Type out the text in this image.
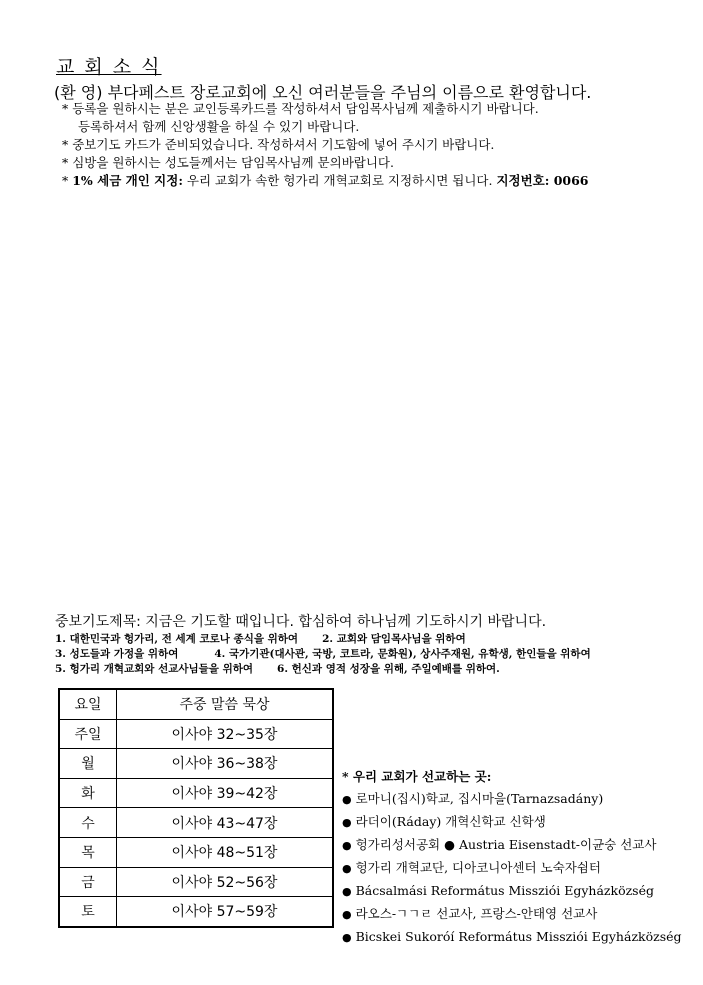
교 회 소 식
(환 영) 부다페스트 장로교회에 오신 여러분들을 주님의 이름으로 환영합니다.
* 등록을 원하시는 분은 교인등록카드를 작성하셔서 담임목사님께 제출하시기 바랍니다.
등록하셔서 함께 신앙생활을 하실 수 있기 바랍니다.
* 중보기도 카드가 준비되었습니다. 작성하셔서 기도함에 넣어 주시기 바랍니다.
* 심방을 원하시는 성도들께서는 담임목사님께 문의바랍니다.
* 1% 세금 개인 지정: 우리 교회가 속한 헝가리 개혁교회로 지정하시면 됩니다. 지정번호: 0066
중보기도제목: 지금은 기도할 때입니다. 합심하여 하나님께 기도하시기 바랍니다.
1. 대한민국과 헝가리, 전 세계 코로나 종식을 위하여 2. 교회와 담임목사님을 위하여
3. 성도들과 가정을 위하여	4. 국가기관(대사관, 국방, 코트라, 문화원), 상사주재원, 유학생, 한인들을 위하여
5. 헝가리 개혁교회와 선교사님들을 위하여 6. 헌신과 영적 성장을 위해, 주일예배를 위하여.
요일	주중 말씀 묵상
주일	이사야 32~35장
월	이사야 36~38장
화	이사야 39~42장
수	이사야 43~47장
목	이사야 48~51장
금	이사야 52~56장
토	이사야 57~59장
* 우리 교회가 선교하는 곳:
● 로마니(집시)학교, 집시마을(Tarnazsadány)
● 라더이(Ráday) 개혁신학교 신학생
● 헝가리성서공회 ● Austria Eisenstadt-이균숭 선교사
● 헝가리 개혁교단, 디아코니아센터 노숙자쉼터
● Bácsalmási Református Missziói Egyházközség
● 라오스-ㄱㄱㄹ 선교사, 프랑스-안태영 선교사
● Bicskei Sukoróí Református Missziói Egyházközség
